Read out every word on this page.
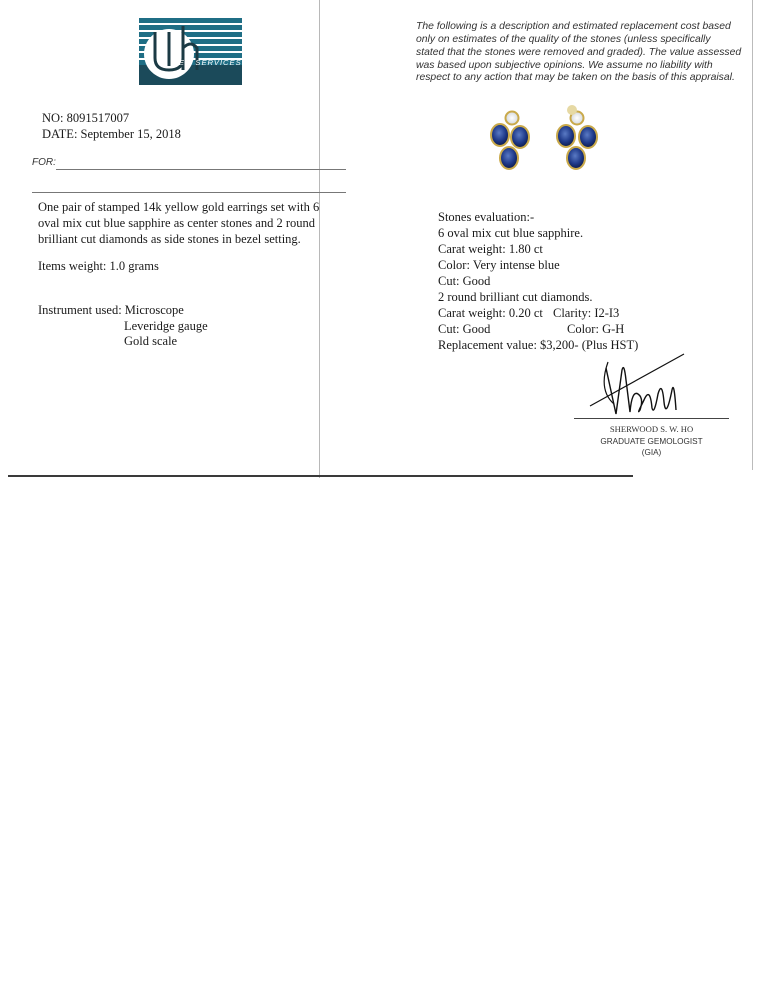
GEM SERVICES
NO: 8091517007
DATE: September 15, 2018
FOR:
One pair of stamped 14k yellow gold earrings set with 6
oval mix cut blue sapphire as center stones and 2 round
brilliant cut diamonds as side stones in bezel setting.
Items weight: 1.0 grams
Instrument used: Microscope
Leveridge gauge
Gold scale
The following is a description and estimated replacement cost based
only on estimates of the quality of the stones (unless specifically
stated that the stones were removed and graded). The value assessed
was based upon subjective opinions. We assume no liability with
respect to any action that may be taken on the basis of this appraisal.
Stones evaluation:-
6 oval mix cut blue sapphire.
Carat weight: 1.80 ct
Color: Very intense blue
Cut: Good
2 round brilliant cut diamonds.
Carat weight: 0.20 ct Clarity: I2-I3
Cut: Good	Color: G-H
Replacement value: $3,200- (Plus HST)
SHERWOOD S. W. HO
GRADUATE GEMOLOGIST
(GIA)
